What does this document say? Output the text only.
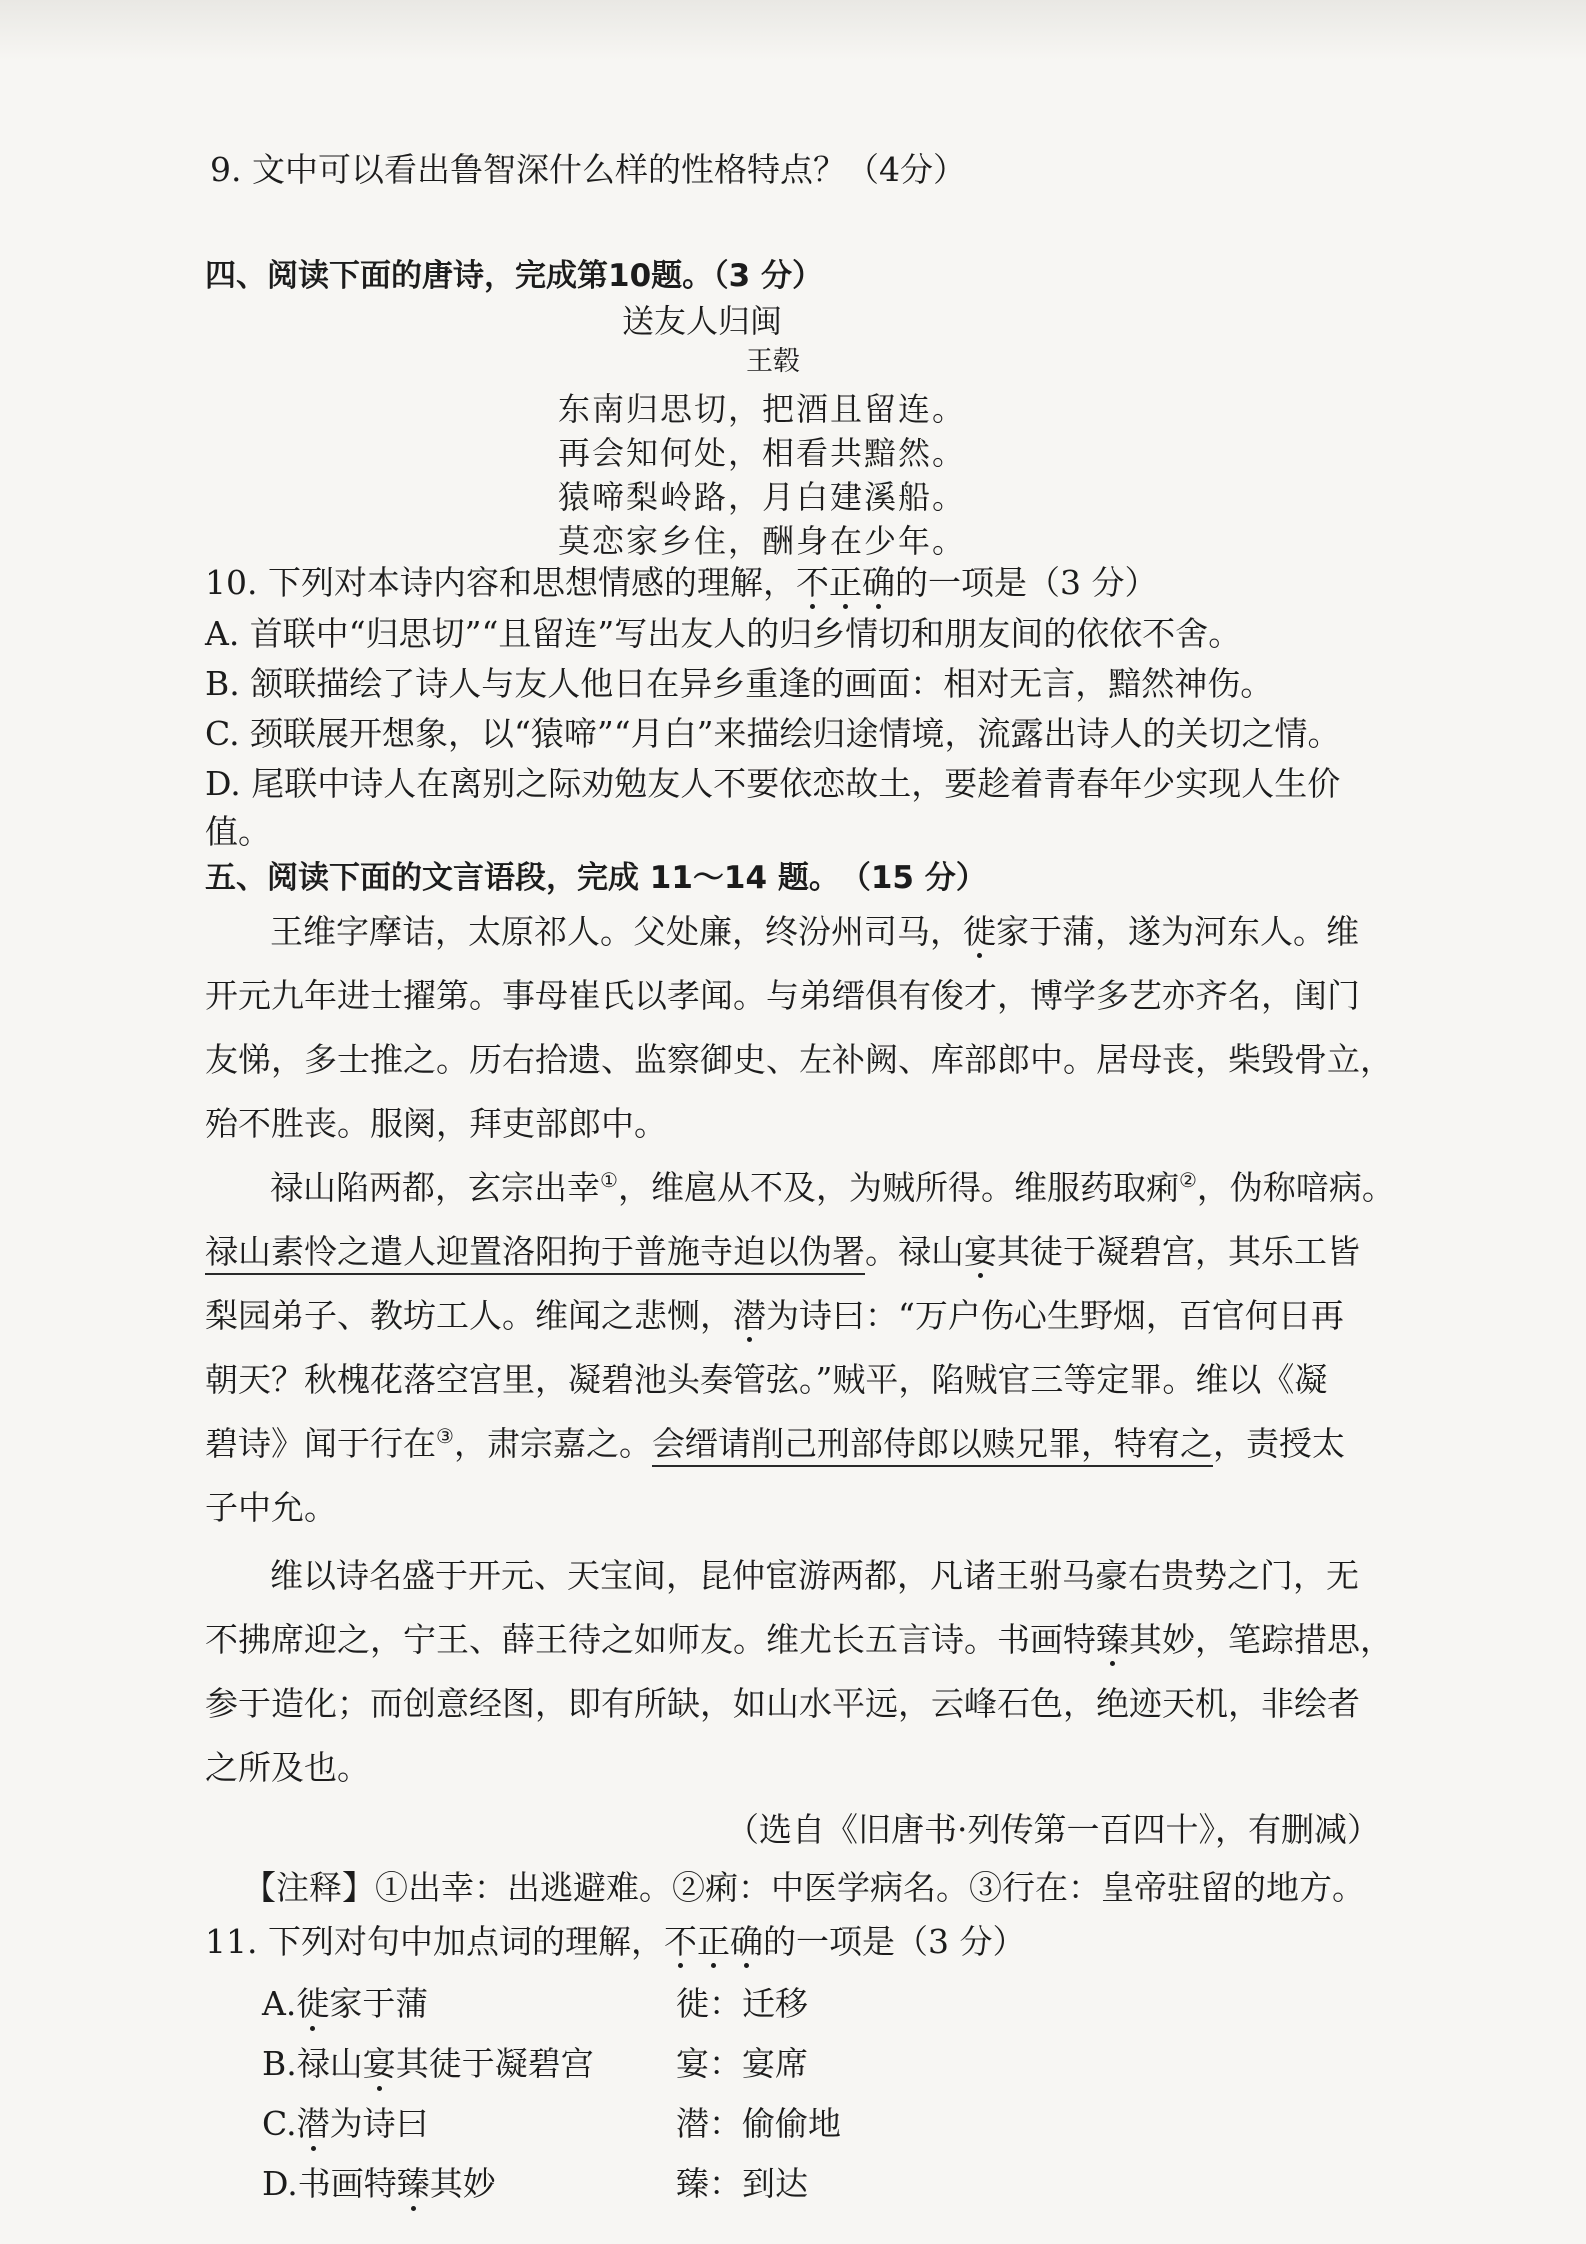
9. 文中可以看出鲁智深什么样的性格特点？（4分）
四、阅读下面的唐诗，完成第10题。（3 分）
送友人归闽
王毂
东南归思切，把酒且留连。
再会知何处，相看共黯然。
猿啼梨岭路，月白建溪船。
莫恋家乡住，酬身在少年。
10. 下列对本诗内容和思想情感的理解，不正确的一项是（3 分）
A. 首联中“归思切”“且留连”写出友人的归乡情切和朋友间的依依不舍。
B. 颔联描绘了诗人与友人他日在异乡重逢的画面：相对无言，黯然神伤。
C. 颈联展开想象，以“猿啼”“月白”来描绘归途情境，流露出诗人的关切之情。
D. 尾联中诗人在离别之际劝勉友人不要依恋故土，要趁着青春年少实现人生价
值。
五、阅读下面的文言语段，完成 11～14 题。　（15 分）
王维字摩诘，太原祁人。父处廉，终汾州司马，徙家于蒲，遂为河东人。维
开元九年进士擢第。事母崔氏以孝闻。与弟缙俱有俊才，博学多艺亦齐名，闺门
友悌，多士推之。历右拾遗、监察御史、左补阙、库部郎中。居母丧，柴毁骨立，
殆不胜丧。服阕，拜吏部郎中。
禄山陷两都，玄宗出幸①，维扈从不及，为贼所得。维服药取痢②，伪称喑病。
禄山素怜之遣人迎置洛阳拘于普施寺迫以伪署。禄山宴其徒于凝碧宫，其乐工皆
梨园弟子、教坊工人。维闻之悲恻，潜为诗曰：“万户伤心生野烟，百官何日再
朝天？秋槐花落空宫里，凝碧池头奏管弦。”贼平，陷贼官三等定罪。维以《凝
碧诗》闻于行在③，肃宗嘉之。会缙请削己刑部侍郎以赎兄罪，特宥之，责授太
子中允。
维以诗名盛于开元、天宝间，昆仲宦游两都，凡诸王驸马豪右贵势之门，无
不拂席迎之，宁王、薛王待之如师友。维尤长五言诗。书画特臻其妙，笔踪措思，
参于造化；而创意经图，即有所缺，如山水平远，云峰石色，绝迹天机，非绘者
之所及也。
（选自《旧唐书·列传第一百四十》，有删减）
【注释】①出幸：出逃避难。②痢：中医学病名。③行在：皇帝驻留的地方。
11. 下列对句中加点词的理解，不正确的一项是（3 分）
A.徙家于蒲	徙：迁移
B.禄山宴其徒于凝碧宫 宴：宴席
C.潜为诗曰	潜：偷偷地
D.书画特臻其妙	臻：到达
